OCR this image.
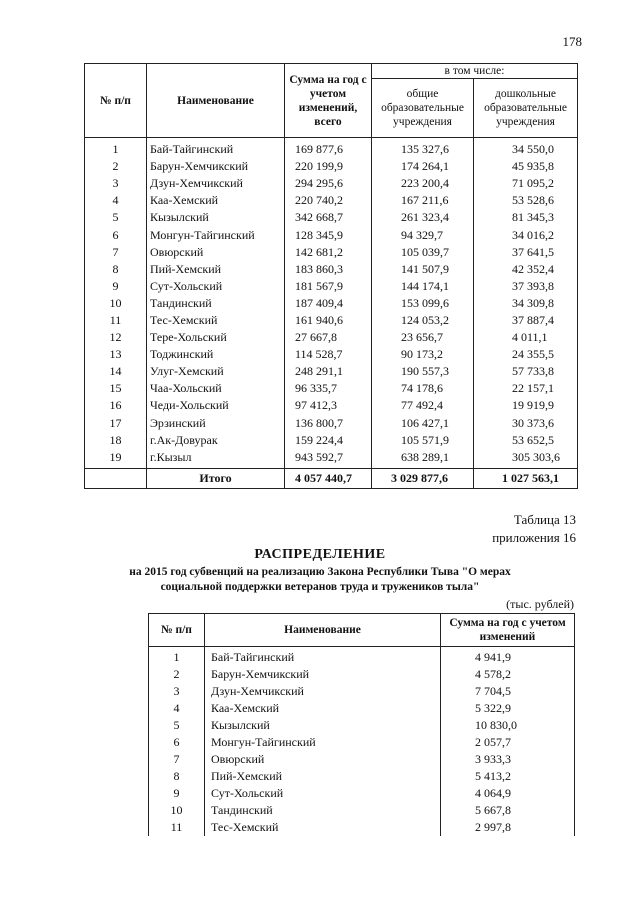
178
№ п/п	Наименование	Сумма на год с учетом изменений, всего	в том числе:	
			общие образовательные учреждения	дошкольные образовательные учреждения
1	Бай-Тайгинский	169 877,6	135 327,6	34 550,0
2	Барун-Хемчикский	220 199,9	174 264,1	45 935,8
3	Дзун-Хемчикский	294 295,6	223 200,4	71 095,2
4	Каа-Хемский	220 740,2	167 211,6	53 528,6
5	Кызылский	342 668,7	261 323,4	81 345,3
6	Монгун-Тайгинский	128 345,9	94 329,7	34 016,2
7	Овюрский	142 681,2	105 039,7	37 641,5
8	Пий-Хемский	183 860,3	141 507,9	42 352,4
9	Сут-Хольский	181 567,9	144 174,1	37 393,8
10	Тандинский	187 409,4	153 099,6	34 309,8
11	Тес-Хемский	161 940,6	124 053,2	37 887,4
12	Тере-Хольский	27 667,8	23 656,7	4 011,1
13	Тоджинский	114 528,7	90 173,2	24 355,5
14	Улуг-Хемский	248 291,1	190 557,3	57 733,8
15	Чаа-Хольский	96 335,7	74 178,6	22 157,1
16	Чеди-Хольский	97 412,3	77 492,4	19 919,9
17	Эрзинский	136 800,7	106 427,1	30 373,6
18	г.Ак-Довурак	159 224,4	105 571,9	53 652,5
19	г.Кызыл	943 592,7	638 289,1	305 303,6
	Итого	4 057 440,7	3 029 877,6	1 027 563,1
Таблица 13
приложения 16
РАСПРЕДЕЛЕНИЕ
на 2015 год субвенций на реализацию Закона Республики Тыва "О мерах
социальной поддержки ветеранов труда и тружеников тыла"
(тыс. рублей)
№ п/п	Наименование	Сумма на год с учетом изменений
1	Бай-Тайгинский	4 941,9
2	Барун-Хемчикский	4 578,2
3	Дзун-Хемчикский	7 704,5
4	Каа-Хемский	5 322,9
5	Кызылский	10 830,0
6	Монгун-Тайгинский	2 057,7
7	Овюрский	3 933,3
8	Пий-Хемский	5 413,2
9	Сут-Хольский	4 064,9
10	Тандинский	5 667,8
11	Тес-Хемский	2 997,8
